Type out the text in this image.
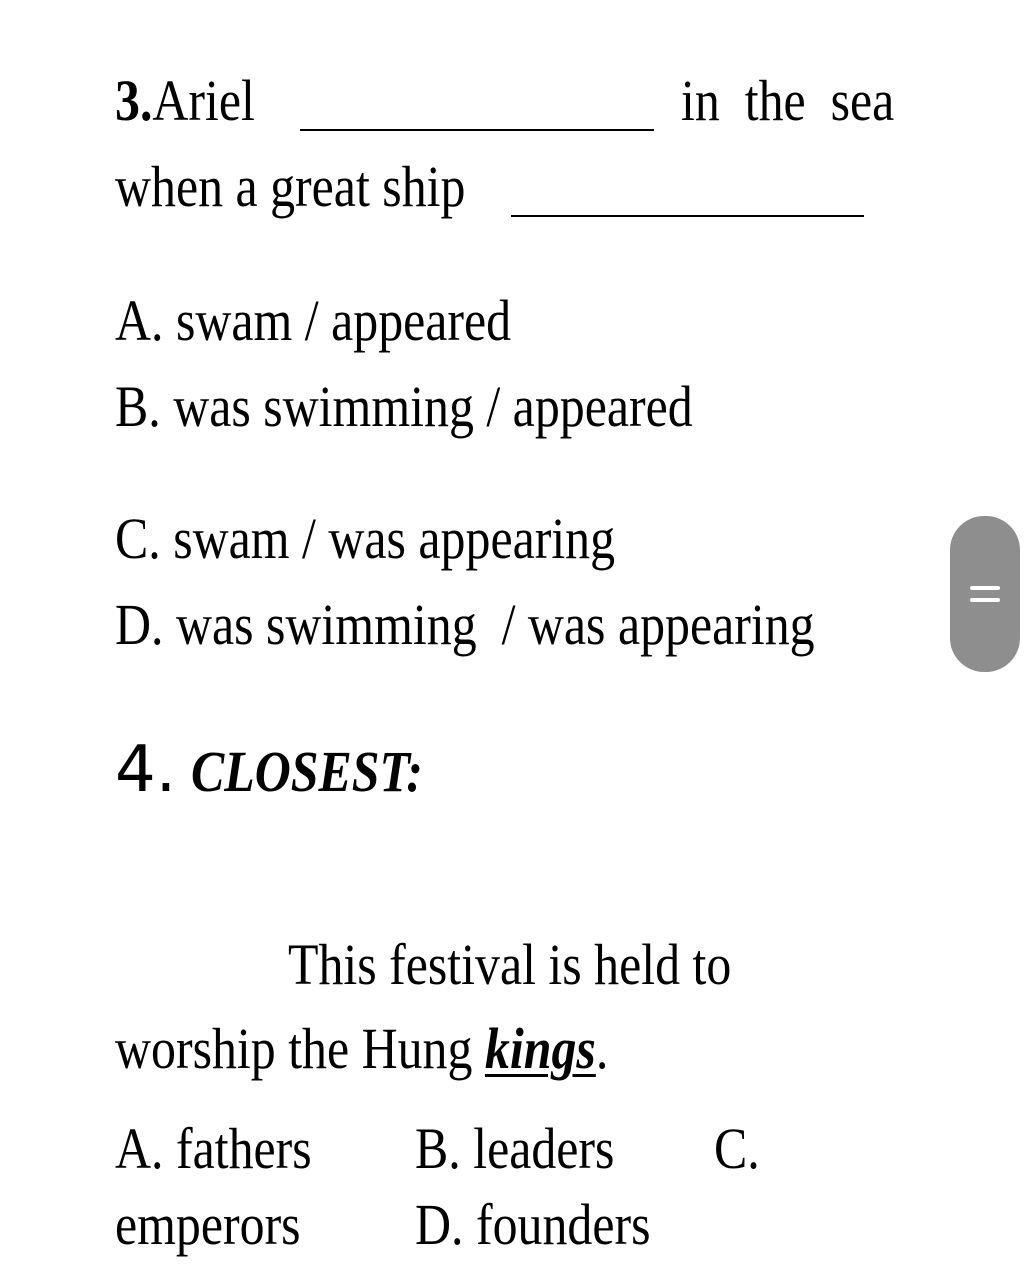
3.Ariel	in  the  sea
when a great ship
A. swam / appeared
B. was swimming / appeared
C. swam / was appearing
D. was swimming  / was appearing
4. CLOSEST:
This festival is held to
worship the Hung kings.
A. fathers B. leaders C.
emperors D. founders
